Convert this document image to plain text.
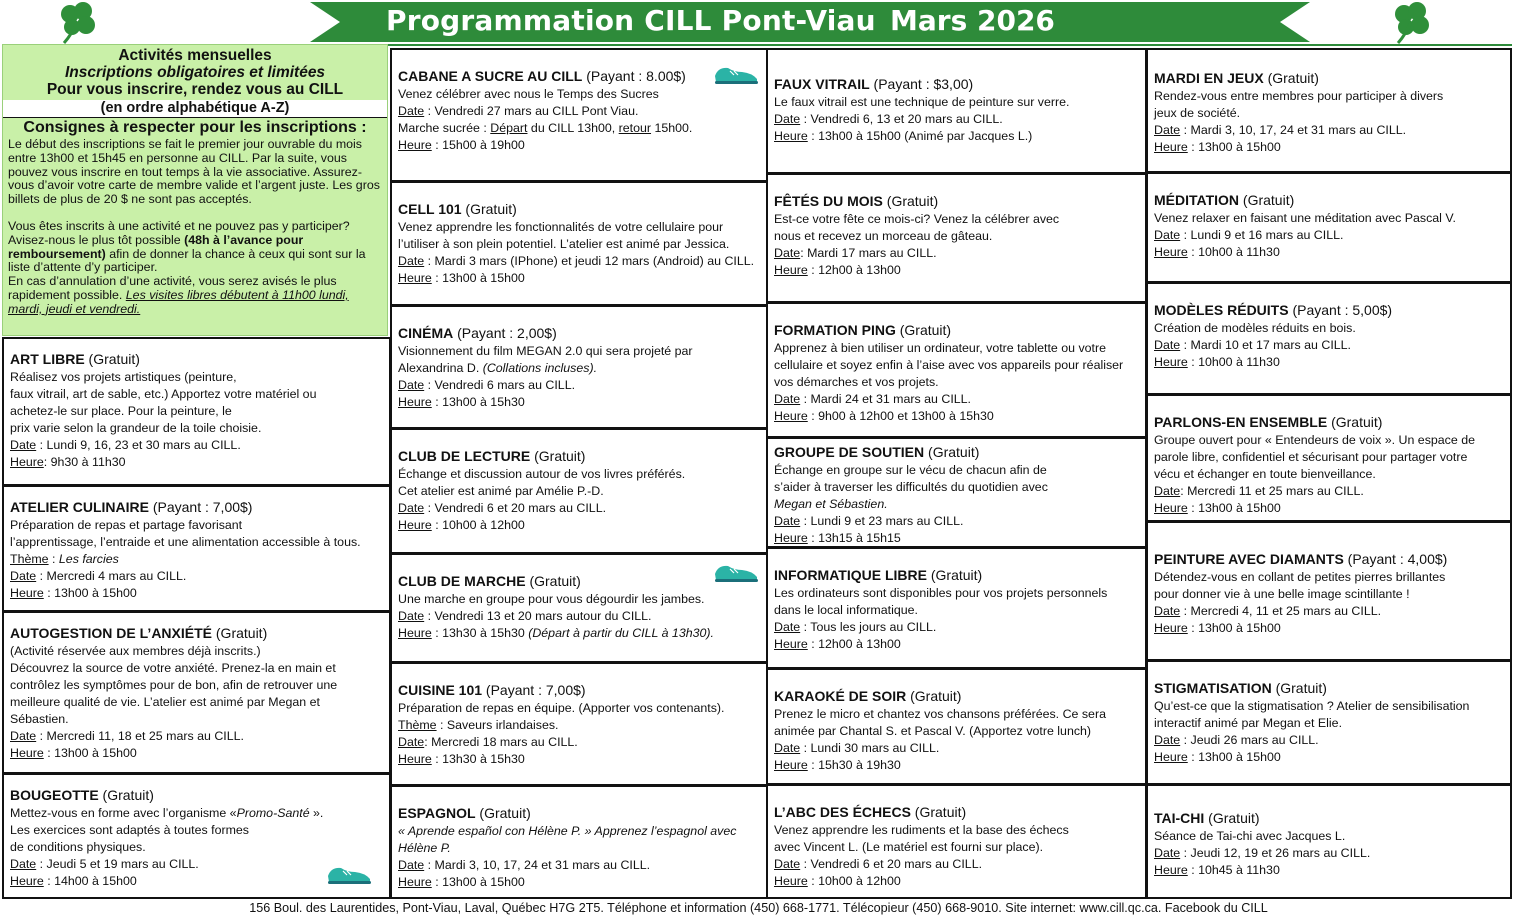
Programmation CILL Pont-Viau Mars 2026
Activités mensuelles
Inscriptions obligatoires et limitées
Pour vous inscrire, rendez vous au CILL
(en ordre alphabétique A-Z)
Consignes à respecter pour les inscriptions :
Le début des inscriptions se fait le premier jour ouvrable du mois entre 13h00 et 15h45 en personne au CILL. Par la suite, vous pouvez vous inscrire en tout temps à la vie associative. Assurez-vous d’avoir votre carte de membre valide et l’argent juste. Les gros billets de plus de 20 $ ne sont pas acceptés.
Vous êtes inscrits à une activité et ne pouvez pas y participer? Avisez-nous le plus tôt possible (48h à l’avance pour remboursement) afin de donner la chance à ceux qui sont sur la liste d’attente d’y participer.
En cas d’annulation d’une activité, vous serez avisés le plus rapidement possible. Les visites libres débutent à 11h00 lundi, mardi, jeudi et vendredi.
ART LIBRE (Gratuit)

Réalisez vos projets artistiques (peinture,

faux vitrail, art de sable, etc.) Apportez votre matériel ou

achetez-le sur place. Pour la peinture, le

prix varie selon la grandeur de la toile choisie.

Date : Lundi 9, 16, 23 et 30 mars au CILL.

Heure: 9h30 à 11h30

ATELIER CULINAIRE (Payant : 7,00$)

Préparation de repas et partage favorisant

l’apprentissage, l’entraide et une alimentation accessible à tous.

Thème : Les farcies

Date : Mercredi 4 mars au CILL.

Heure : 13h00 à 15h00

AUTOGESTION DE L’ANXIÉTÉ (Gratuit)

(Activité réservée aux membres déjà inscrits.)

Découvrez la source de votre anxiété. Prenez-la en main et

contrôlez les symptômes pour de bon, afin de retrouver une

meilleure qualité de vie. L’atelier est animé par Megan et

Sébastien.

Date : Mercredi 11, 18 et 25 mars au CILL.

Heure : 13h00 à 15h00

BOUGEOTTE (Gratuit)

Mettez-vous en forme avec l’organisme «Promo-Santé ».

Les exercices sont adaptés à toutes formes

de conditions physiques.

Date : Jeudi 5 et 19 mars au CILL.

Heure : 14h00 à 15h00

CABANE A SUCRE AU CILL (Payant : 8.00$)

Venez célébrer avec nous le Temps des Sucres

Date : Vendredi 27 mars au CILL Pont Viau.

Marche sucrée : Départ du CILL 13h00, retour 15h00.

Heure : 15h00 à 19h00

CELL 101 (Gratuit)

Venez apprendre les fonctionnalités de votre cellulaire pour

l’utiliser à son plein potentiel. L’atelier est animé par Jessica.

Date : Mardi 3 mars (IPhone) et jeudi 12 mars (Android) au CILL.

Heure : 13h00 à 15h00

CINÉMA (Payant : 2,00$)

Visionnement du film MEGAN 2.0 qui sera projeté par

Alexandrina D. (Collations incluses).

Date : Vendredi 6 mars au CILL.

Heure : 13h00 à 15h30

CLUB DE LECTURE (Gratuit)

Échange et discussion autour de vos livres préférés.

Cet atelier est animé par Amélie P.-D.

Date : Vendredi 6 et 20 mars au CILL.

Heure : 10h00 à 12h00

CLUB DE MARCHE (Gratuit)

Une marche en groupe pour vous dégourdir les jambes.

Date : Vendredi 13 et 20 mars autour du CILL.

Heure : 13h30 à 15h30 (Départ à partir du CILL à 13h30).

CUISINE 101 (Payant : 7,00$)

Préparation de repas en équipe. (Apporter vos contenants).

Thème : Saveurs irlandaises.

Date: Mercredi 18 mars au CILL.

Heure : 13h30 à 15h30

ESPAGNOL (Gratuit)

« Aprende español con Hélène P. » Apprenez l’espagnol avec

Hélène P.

Date : Mardi 3, 10, 17, 24 et 31 mars au CILL.

Heure : 13h00 à 15h00

FAUX VITRAIL (Payant : $3,00)

Le faux vitrail est une technique de peinture sur verre.

Date : Vendredi 6, 13 et 20 mars au CILL.

Heure : 13h00 à 15h00 (Animé par Jacques L.)

FÊTÉS DU MOIS (Gratuit)

Est-ce votre fête ce mois-ci? Venez la célébrer avec

nous et recevez un morceau de gâteau.

Date: Mardi 17 mars au CILL.

Heure : 12h00 à 13h00

FORMATION PING (Gratuit)

Apprenez à bien utiliser un ordinateur, votre tablette ou votre

cellulaire et soyez enfin à l’aise avec vos appareils pour réaliser

vos démarches et vos projets.

Date : Mardi 24 et 31 mars au CILL.

Heure : 9h00 à 12h00 et 13h00 à 15h30

GROUPE DE SOUTIEN (Gratuit)

Échange en groupe sur le vécu de chacun afin de

s’aider à traverser les difficultés du quotidien avec

Megan et Sébastien.

Date : Lundi 9 et 23 mars au CILL.

Heure : 13h15 à 15h15

INFORMATIQUE LIBRE (Gratuit)

Les ordinateurs sont disponibles pour vos projets personnels

dans le local informatique.

Date : Tous les jours au CILL.

Heure : 12h00 à 13h00

KARAOKÉ DE SOIR (Gratuit)

Prenez le micro et chantez vos chansons préférées. Ce sera

animée par Chantal S. et Pascal V. (Apportez votre lunch)

Date : Lundi 30 mars au CILL.

Heure : 15h30 à 19h30

L’ABC DES ÉCHECS (Gratuit)

Venez apprendre les rudiments et la base des échecs

avec Vincent L. (Le matériel est fourni sur place).

Date : Vendredi 6 et 20 mars au CILL.

Heure : 10h00 à 12h00

MARDI EN JEUX (Gratuit)

Rendez-vous entre membres pour participer à divers

jeux de société.

Date : Mardi 3, 10, 17, 24 et 31 mars au CILL.

Heure : 13h00 à 15h00

MÉDITATION (Gratuit)

Venez relaxer en faisant une méditation avec Pascal V.

Date : Lundi 9 et 16 mars au CILL.

Heure : 10h00 à 11h30

MODÈLES RÉDUITS (Payant : 5,00$)

Création de modèles réduits en bois.

Date : Mardi 10 et 17 mars au CILL.

Heure : 10h00 à 11h30

PARLONS-EN ENSEMBLE (Gratuit)

Groupe ouvert pour « Entendeurs de voix ». Un espace de

parole libre, confidentiel et sécurisant pour partager votre

vécu et échanger en toute bienveillance.

Date: Mercredi 11 et 25 mars au CILL.

Heure : 13h00 à 15h00

PEINTURE AVEC DIAMANTS (Payant : 4,00$)

Détendez-vous en collant de petites pierres brillantes

pour donner vie à une belle image scintillante !

Date : Mercredi 4, 11 et 25 mars au CILL.

Heure : 13h00 à 15h00

STIGMATISATION (Gratuit)

Qu’est-ce que la stigmatisation ? Atelier de sensibilisation

interactif animé par Megan et Elie.

Date : Jeudi 26 mars au CILL.

Heure : 13h00 à 15h00

TAI-CHI (Gratuit)

Séance de Tai-chi avec Jacques L.

Date : Jeudi 12, 19 et 26 mars au CILL.

Heure : 10h45 à 11h30

156 Boul. des Laurentides, Pont-Viau, Laval, Québec H7G 2T5. Téléphone et information (450) 668-1771. Télécopieur (450) 668-9010. Site internet: www.cill.qc.ca. Facebook du CILL
